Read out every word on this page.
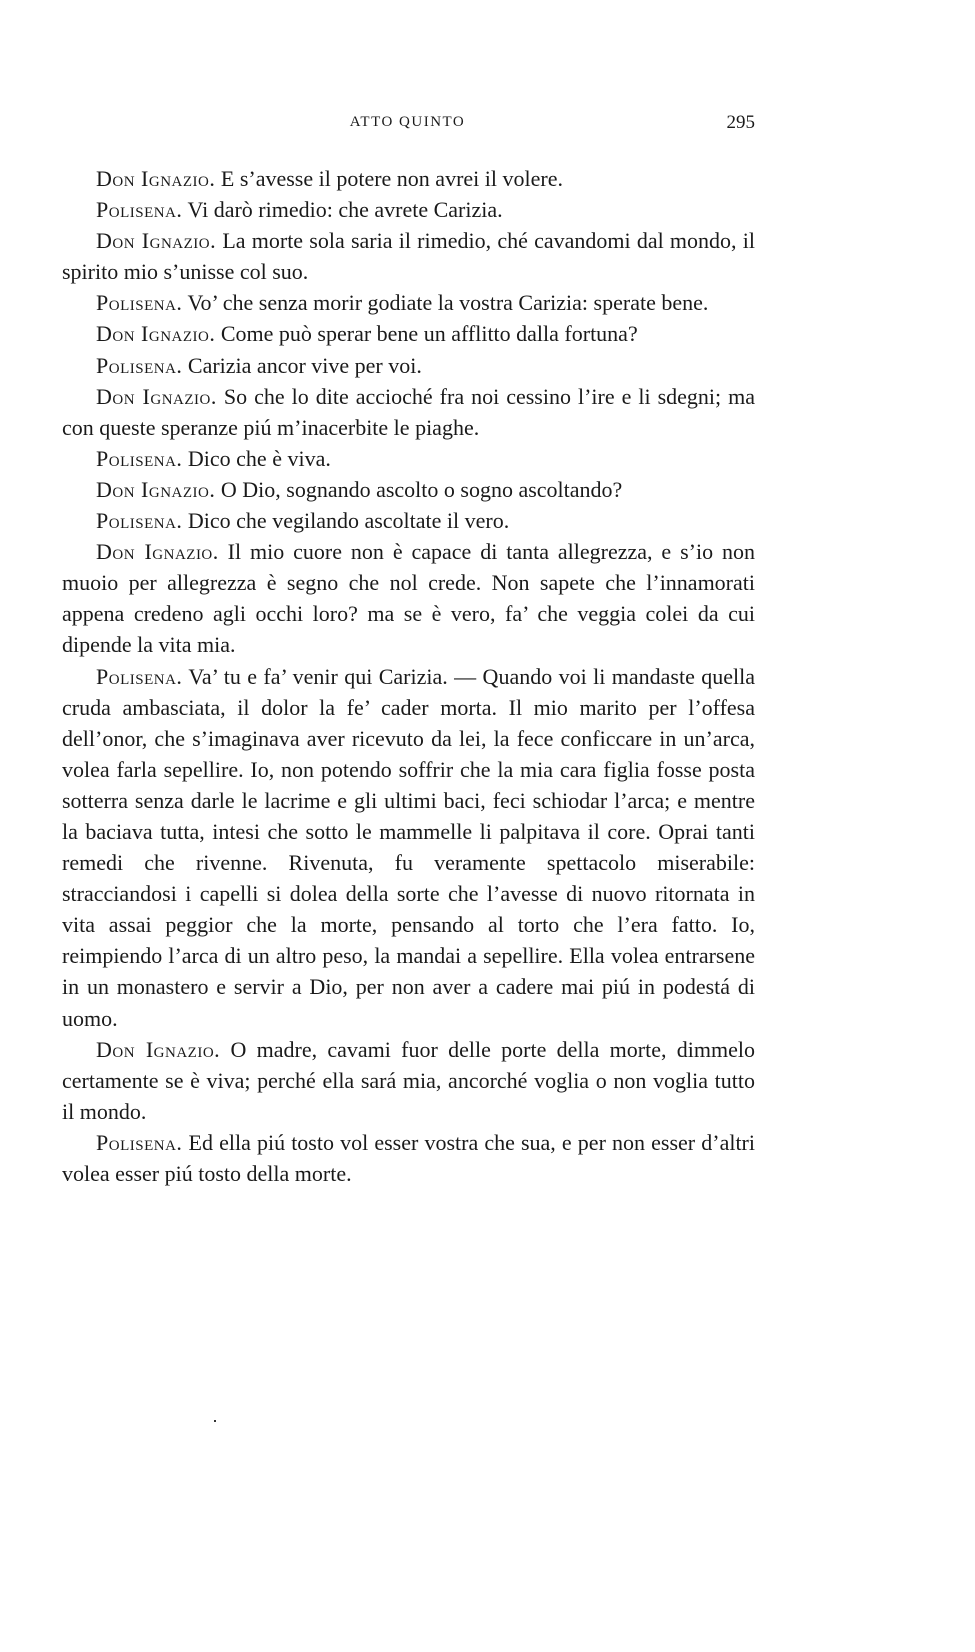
ATTO QUINTO	295

Don Ignazio. E s’avesse il potere non avrei il volere.

Polisena. Vi darò rimedio: che avrete Carizia.

Don Ignazio. La morte sola saria il rimedio, ché cavandomi dal mondo, il spirito mio s’unisse col suo.

Polisena. Vo’ che senza morir godiate la vostra Carizia: sperate bene.

Don Ignazio. Come può sperar bene un afflitto dalla fortuna?

Polisena. Carizia ancor vive per voi.

Don Ignazio. So che lo dite accioché fra noi cessino l’ire e li sdegni; ma con queste speranze piú m’inacerbite le piaghe.

Polisena. Dico che è viva.

Don Ignazio. O Dio, sognando ascolto o sogno ascoltando?

Polisena. Dico che vegilando ascoltate il vero.

Don Ignazio. Il mio cuore non è capace di tanta allegrezza, e s’io non muoio per allegrezza è segno che nol crede. Non sapete che l’innamorati appena credeno agli occhi loro? ma se è vero, fa’ che veggia colei da cui dipende la vita mia.

Polisena. Va’ tu e fa’ venir qui Carizia. — Quando voi li mandaste quella cruda ambasciata, il dolor la fe’ cader morta. Il mio marito per l’offesa dell’onor, che s’imaginava aver ricevuto da lei, la fece conficcare in un’arca, volea farla sepellire. Io, non potendo soffrir che la mia cara figlia fosse posta sotterra senza darle le lacrime e gli ultimi baci, feci schiodar l’arca; e mentre la baciava tutta, intesi che sotto le mammelle li palpitava il core. Oprai tanti remedi che rivenne. Rivenuta, fu veramente spettacolo miserabile: stracciandosi i capelli si dolea della sorte che l’avesse di nuovo ritornata in vita assai peggior che la morte, pensando al torto che l’era fatto. Io, reimpiendo l’arca di un altro peso, la mandai a sepellire. Ella volea entrarsene in un monastero e servir a Dio, per non aver a cadere mai piú in podestá di uomo.

Don Ignazio. O madre, cavami fuor delle porte della morte, dimmelo certamente se è viva; perché ella sará mia, ancorché voglia o non voglia tutto il mondo.

Polisena. Ed ella piú tosto vol esser vostra che sua, e per non esser d’altri volea esser piú tosto della morte.
